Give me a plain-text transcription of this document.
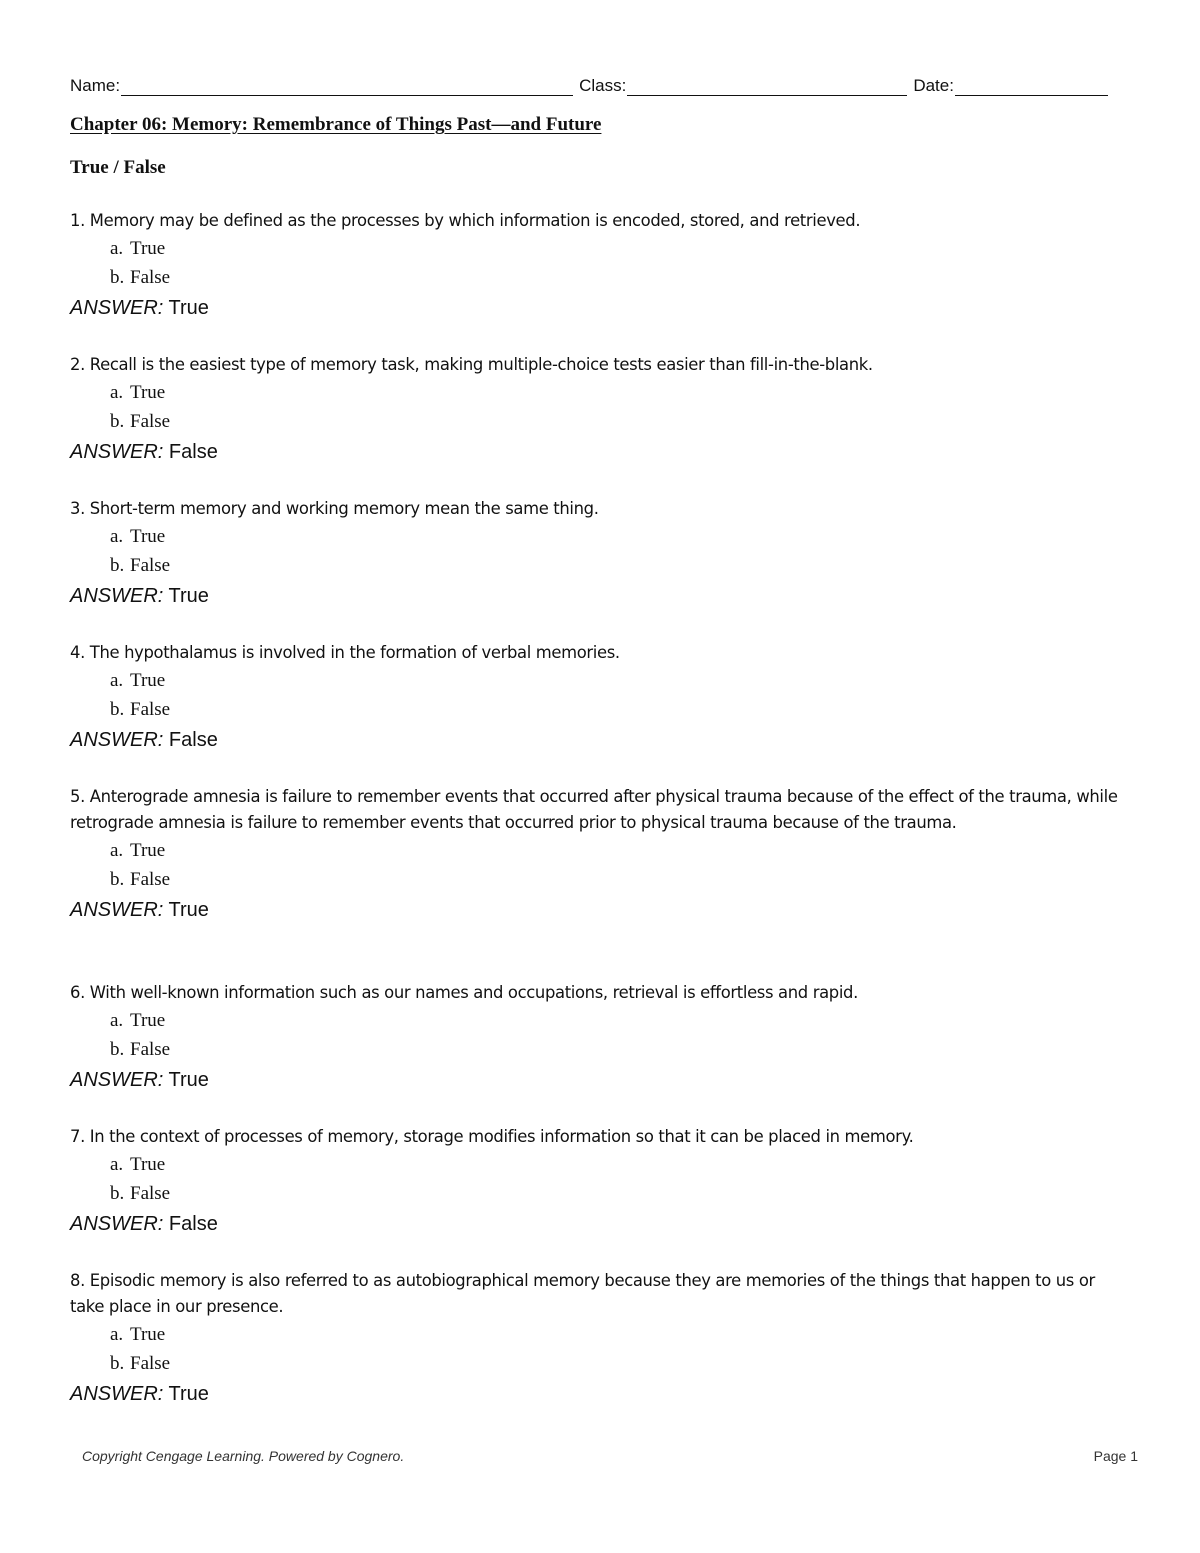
Name:	Class:	Date:
Chapter 06: Memory: Remembrance of Things Past—and Future
True / False

1. Memory may be defined as the processes by which information is encoded, stored, and retrieved.

a. True
b. False
ANSWER: True

2. Recall is the easiest type of memory task, making multiple-choice tests easier than fill-in-the-blank.

a. True
b. False
ANSWER: False

3. Short-term memory and working memory mean the same thing.

a. True
b. False
ANSWER: True

4. The hypothalamus is involved in the formation of verbal memories.

a. True
b. False
ANSWER: False

5. Anterograde amnesia is failure to remember events that occurred after physical trauma because of the effect of the trauma, while retrograde amnesia is failure to remember events that occurred prior to physical trauma because of the trauma.

a. True
b. False
ANSWER: True

6. With well-known information such as our names and occupations, retrieval is effortless and rapid.

a. True
b. False
ANSWER: True

7. In the context of processes of memory, storage modifies information so that it can be placed in memory.

a. True
b. False
ANSWER: False

8. Episodic memory is also referred to as autobiographical memory because they are memories of the things that happen to us or take place in our presence.

a. True
b. False
ANSWER: True
Copyright Cengage Learning. Powered by Cognero.	Page 1
